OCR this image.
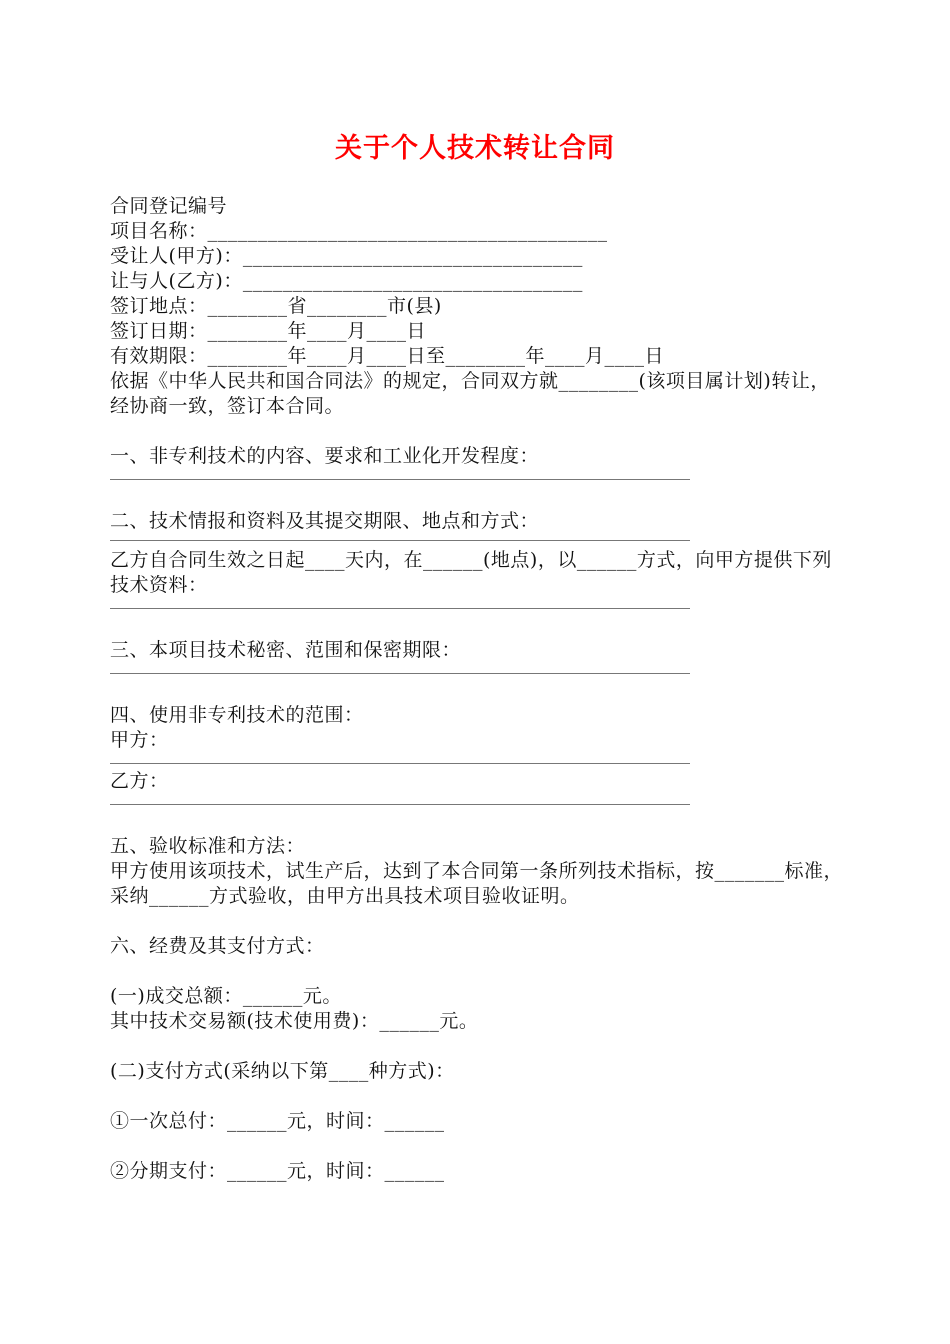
关于个人技术转让合同
合同登记编号
项目名称：________________________________________
受让人(甲方)：__________________________________
让与人(乙方)：__________________________________
签订地点：________省________市(县)
签订日期：________年____月____日
有效期限：________年____月____日至________年____月____日
依据《中华人民共和国合同法》的规定，合同双方就________(该项目属计划)转让，经协商一致，签订本合同。
一、非专利技术的内容、要求和工业化开发程度：
二、技术情报和资料及其提交期限、地点和方式：
乙方自合同生效之日起____天内，在______(地点)，以______方式，向甲方提供下列技术资料：
三、本项目技术秘密、范围和保密期限：
四、使用非专利技术的范围：
甲方：
乙方：
五、验收标准和方法：
甲方使用该项技术，试生产后，达到了本合同第一条所列技术指标，按_______标准，采纳______方式验收，由甲方出具技术项目验收证明。
六、经费及其支付方式：
(一)成交总额：______元。
其中技术交易额(技术使用费)：______元。
(二)支付方式(采纳以下第____种方式)：
①一次总付：______元，时间：______
②分期支付：______元，时间：______
